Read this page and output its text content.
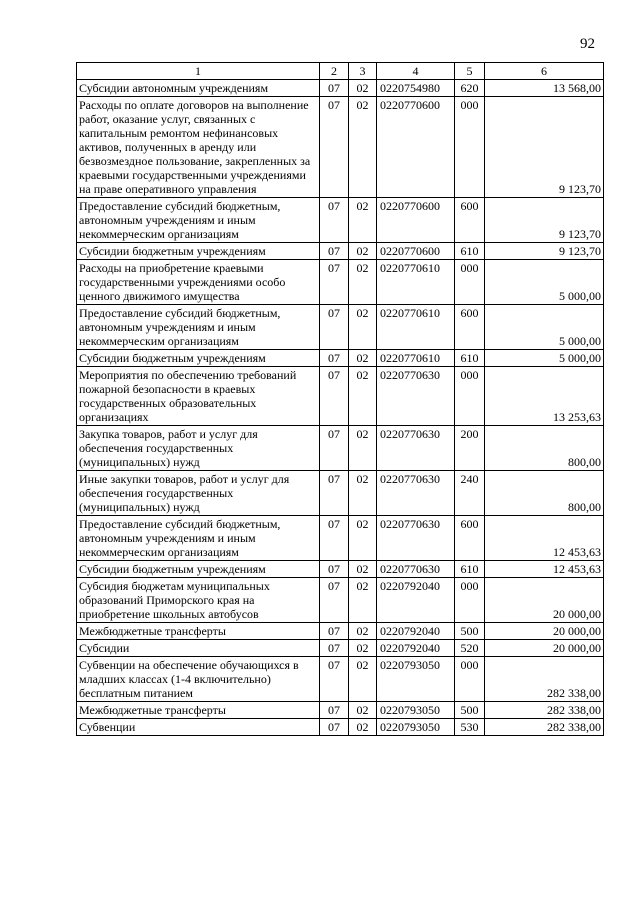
92
1	2	3	4	5	6
Субсидии автономным учреждениям	07	02	0220754980	620	13 568,00
Расходы по оплате договоров на выполнение работ, оказание услуг, связанных с капитальным ремонтом нефинансовых активов, полученных в аренду или безвозмездное пользование, закрепленных за краевыми государственными учреждениями на праве оперативного управления	07	02	0220770600	000	9 123,70
Предоставление субсидий бюджетным, автономным учреждениям и иным некоммерческим организациям	07	02	0220770600	600	9 123,70
Субсидии бюджетным учреждениям	07	02	0220770600	610	9 123,70
Расходы на приобретение краевыми государственными учреждениями особо ценного движимого имущества	07	02	0220770610	000	5 000,00
Предоставление субсидий бюджетным, автономным учреждениям и иным некоммерческим организациям	07	02	0220770610	600	5 000,00
Субсидии бюджетным учреждениям	07	02	0220770610	610	5 000,00
Мероприятия по обеспечению требований пожарной безопасности в краевых государственных образовательных организациях	07	02	0220770630	000	13 253,63
Закупка товаров, работ и услуг для обеспечения государственных (муниципальных) нужд	07	02	0220770630	200	800,00
Иные закупки товаров, работ и услуг для обеспечения государственных (муниципальных) нужд	07	02	0220770630	240	800,00
Предоставление субсидий бюджетным, автономным учреждениям и иным некоммерческим организациям	07	02	0220770630	600	12 453,63
Субсидии бюджетным учреждениям	07	02	0220770630	610	12 453,63
Субсидия бюджетам муниципальных образований Приморского края на приобретение школьных автобусов	07	02	0220792040	000	20 000,00
Межбюджетные трансферты	07	02	0220792040	500	20 000,00
Субсидии	07	02	0220792040	520	20 000,00
Субвенции на обеспечение обучающихся в младших классах (1-4 включительно) бесплатным питанием	07	02	0220793050	000	282 338,00
Межбюджетные трансферты	07	02	0220793050	500	282 338,00
Субвенции	07	02	0220793050	530	282 338,00
